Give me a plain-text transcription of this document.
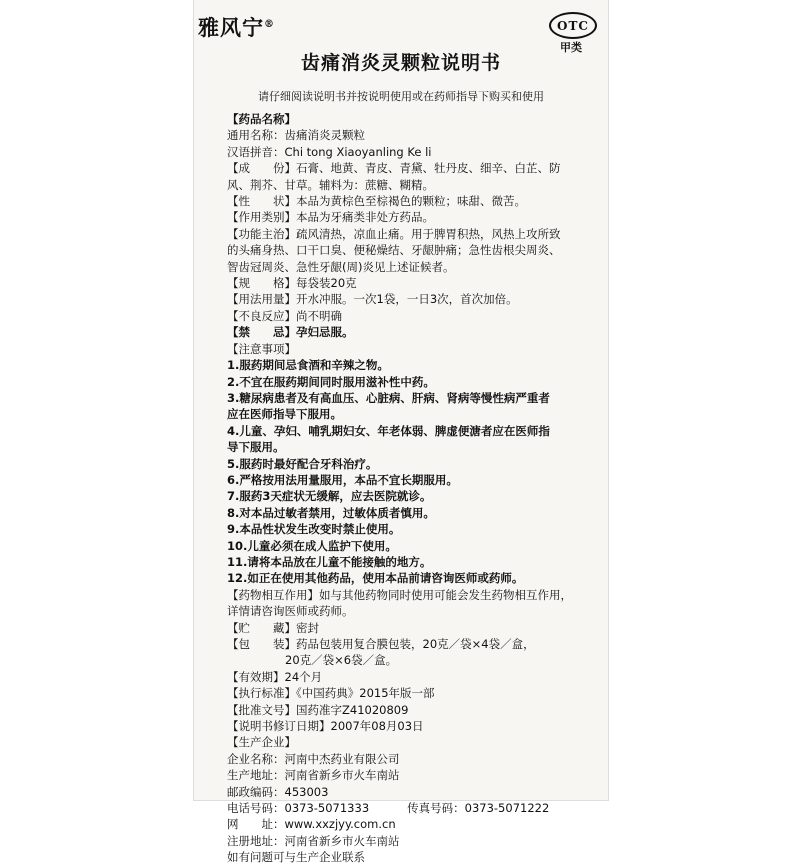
雅风宁®	OTC
甲类
齿痛消炎灵颗粒说明书
请仔细阅读说明书并按说明使用或在药师指导下购买和使用
【药品名称】
通用名称：齿痛消炎灵颗粒
汉语拼音：Chi tong Xiaoyanling Ke li
【成　　份】石膏、地黄、青皮、青黛、牡丹皮、细辛、白芷、防
风、荆芥、甘草。辅料为：蔗糖、糊精。
【性　　状】本品为黄棕色至棕褐色的颗粒；味甜、微苦。
【作用类别】本品为牙痛类非处方药品。
【功能主治】疏风清热，凉血止痛。用于脾胃积热，风热上攻所致
的头痛身热、口干口臭、便秘燥结、牙龈肿痛；急性齿根尖周炎、
智齿冠周炎、急性牙龈(周)炎见上述证候者。
【规　　格】每袋装20克
【用法用量】开水冲服。一次1袋，一日3次，首次加倍。
【不良反应】尚不明确
【禁　　忌】孕妇忌服。
【注意事项】
1.服药期间忌食酒和辛辣之物。
2.不宜在服药期间同时服用滋补性中药。
3.糖尿病患者及有高血压、心脏病、肝病、肾病等慢性病严重者
应在医师指导下服用。
4.儿童、孕妇、哺乳期妇女、年老体弱、脾虚便溏者应在医师指
导下服用。
5.服药时最好配合牙科治疗。
6.严格按用法用量服用，本品不宜长期服用。
7.服药3天症状无缓解，应去医院就诊。
8.对本品过敏者禁用，过敏体质者慎用。
9.本品性状发生改变时禁止使用。
10.儿童必须在成人监护下使用。
11.请将本品放在儿童不能接触的地方。
12.如正在使用其他药品，使用本品前请咨询医师或药师。
【药物相互作用】如与其他药物同时使用可能会发生药物相互作用，
详情请咨询医师或药师。
【贮　　藏】密封
【包　　装】药品包装用复合膜包装，20克／袋×4袋／盒，
20克／袋×6袋／盒。
【有效期】24个月
【执行标准】《中国药典》2015年版一部
【批准文号】国药准字Z41020809
【说明书修订日期】2007年08月03日
【生产企业】
企业名称：河南中杰药业有限公司
生产地址：河南省新乡市火车南站
邮政编码：453003
电话号码：0373-5071333	传真号码：0373-5071222
网　　址：www.xxzjyy.com.cn
注册地址：河南省新乡市火车南站
如有问题可与生产企业联系
